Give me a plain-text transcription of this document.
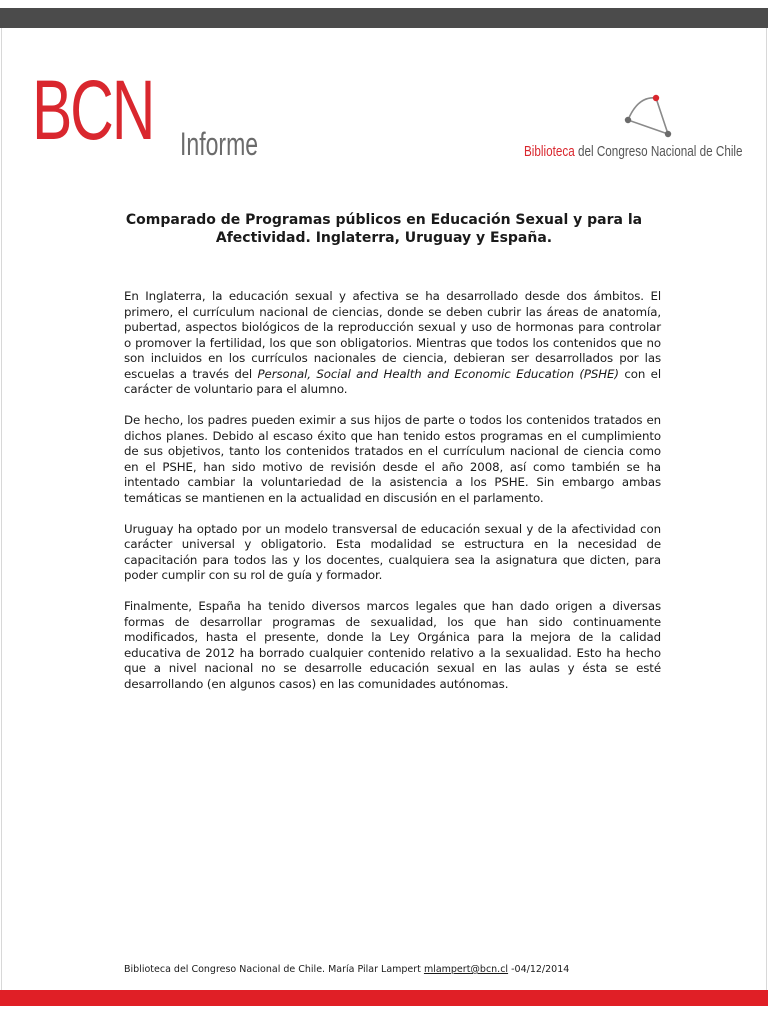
BCN Informe	Biblioteca del Congreso Nacional de Chile
Comparado de Programas públicos en Educación Sexual y para la Afectividad. Inglaterra, Uruguay y España.

En Inglaterra, la educación sexual y afectiva se ha desarrollado desde dos ámbitos. El primero, el currículum nacional de ciencias, donde se deben cubrir las áreas de anatomía, pubertad, aspectos biológicos de la reproducción sexual y uso de hormonas para controlar o promover la fertilidad, los que son obligatorios. Mientras que todos los contenidos que no son incluidos en los currículos nacionales de ciencia, debieran ser desarrollados por las escuelas a través del Personal, Social and Health and Economic Education (PSHE) con el carácter de voluntario para el alumno.

De hecho, los padres pueden eximir a sus hijos de parte o todos los contenidos tratados en dichos planes. Debido al escaso éxito que han tenido estos programas en el cumplimiento de sus objetivos, tanto los contenidos tratados en el currículum nacional de ciencia como en el PSHE, han sido motivo de revisión desde el año 2008, así como también se ha intentado cambiar la voluntariedad de la asistencia a los PSHE. Sin embargo ambas temáticas se mantienen en la actualidad en discusión en el parlamento.

Uruguay ha optado por un modelo transversal de educación sexual y de la afectividad con carácter universal y obligatorio. Esta modalidad se estructura en la necesidad de capacitación para todos las y los docentes, cualquiera sea la asignatura que dicten, para poder cumplir con su rol de guía y formador.

Finalmente, España ha tenido diversos marcos legales que han dado origen a diversas formas de desarrollar programas de sexualidad, los que han sido continuamente modificados, hasta el presente, donde la Ley Orgánica para la mejora de la calidad educativa de 2012 ha borrado cualquier contenido relativo a la sexualidad. Esto ha hecho que a nivel nacional no se desarrolle educación sexual en las aulas y ésta se esté desarrollando (en algunos casos) en las comunidades autónomas.

Biblioteca del Congreso Nacional de Chile. María Pilar Lampert mlampert@bcn.cl -04/12/2014
